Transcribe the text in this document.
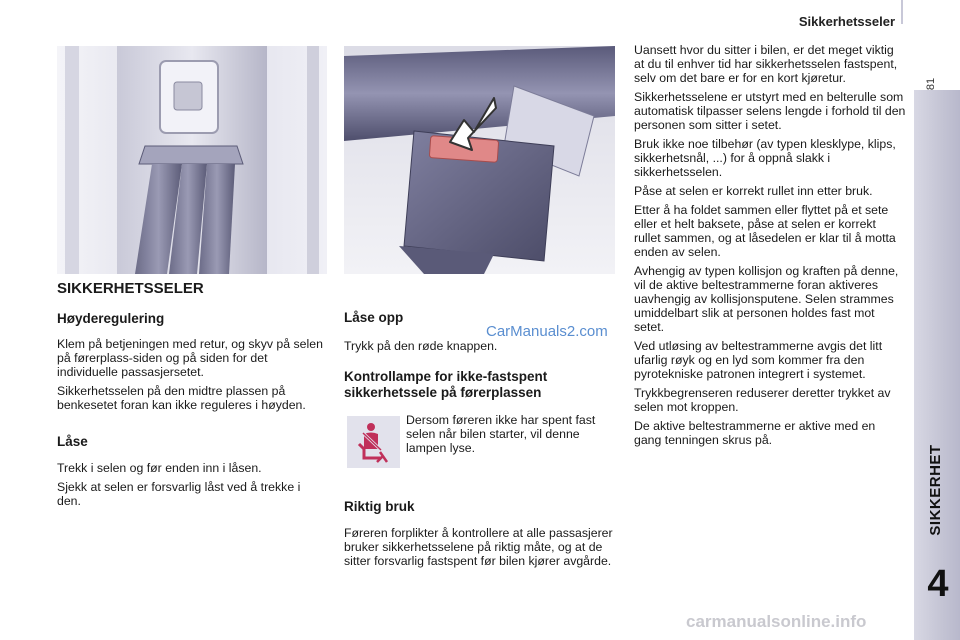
Sikkerhetsseler
81
SIKKERHET
4
SIKKERHETSSELER
Høyderegulering

Klem på betjeningen med retur, og skyv på selen på førerplass-siden og på siden for det individuelle passasjersetet.

Sikkerhetsselen på den midtre plassen på benkesetet foran kan ikke reguleres i høyden.

Låse

Trekk i selen og før enden inn i låsen.

Sjekk at selen er forsvarlig låst ved å trekke i den.

Låse opp

Trykk på den røde knappen.

Kontrollampe for ikke-fastspent sikkerhetssele på førerplassen

Dersom føreren ikke har spent fast selen når bilen starter, vil denne lampen lyse.

Riktig bruk

Føreren forplikter å kontrollere at alle passasjerer bruker sikkerhetsselene på riktig måte, og at de sitter forsvarlig fastspent før bilen kjører avgårde.

CarManuals2.com

Uansett hvor du sitter i bilen, er det meget viktig at du til enhver tid har sikkerhetsselen fastspent, selv om det bare er for en kort kjøretur.

Sikkerhetsselene er utstyrt med en belterulle som automatisk tilpasser selens lengde i forhold til den personen som sitter i setet.

Bruk ikke noe tilbehør (av typen klesklype, klips, sikkerhetsnål, ...) for å oppnå slakk i sikkerhetsselen.

Påse at selen er korrekt rullet inn etter bruk.

Etter å ha foldet sammen eller flyttet på et sete eller et helt baksete, påse at selen er korrekt rullet sammen, og at låsedelen er klar til å motta enden av selen.

Avhengig av typen kollisjon og kraften på denne, vil de aktive beltestrammerne foran aktiveres uavhengig av kollisjonsputene. Selen strammes umiddelbart slik at personen holdes fast mot setet.

Ved utløsing av beltestrammerne avgis det litt ufarlig røyk og en lyd som kommer fra den pyrotekniske patronen integrert i systemet.

Trykkbegrenseren reduserer deretter trykket av selen mot kroppen.

De aktive beltestrammerne er aktive med en gang tenningen skrus på.

carmanualsonline.info
